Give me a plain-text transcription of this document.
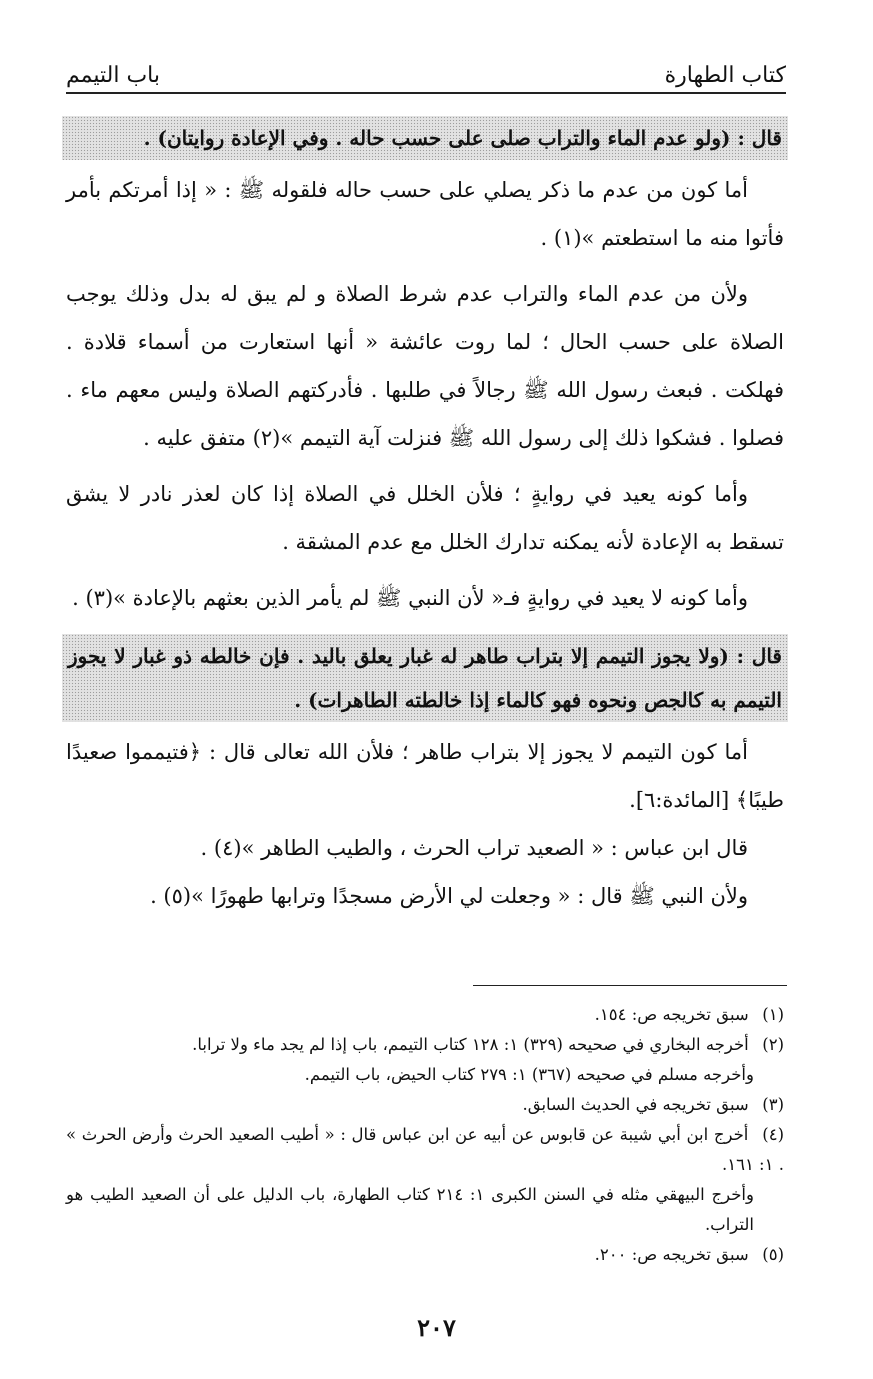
كتاب الطهارة
باب التيمم
قال : (ولو عدم الماء والتراب صلى على حسب حاله . وفي الإعادة روايتان) .

أما كون من عدم ما ذكر يصلي على حسب حاله فلقوله ﷺ : « إذا أمرتكم بأمر فأتوا منه ما استطعتم »(١) .

ولأن من عدم الماء والتراب عدم شرط الصلاة و لم يبق له بدل وذلك يوجب الصلاة على حسب الحال ؛ لما روت عائشة « أنها استعارت من أسماء قلادة . فهلكت . فبعث رسول الله ﷺ رجالاً في طلبها . فأدركتهم الصلاة وليس معهم ماء . فصلوا . فشكوا ذلك إلى رسول الله ﷺ فنزلت آية التيمم »(٢) متفق عليه .

وأما كونه يعيد في روايةٍ ؛ فلأن الخلل في الصلاة إذا كان لعذر نادر لا يشق تسقط به الإعادة لأنه يمكنه تدارك الخلل مع عدم المشقة .

وأما كونه لا يعيد في روايةٍ فـ« لأن النبي ﷺ لم يأمر الذين بعثهم بالإعادة »(٣) .

قال : (ولا يجوز التيمم إلا بتراب طاهر له غبار يعلق باليد . فإن خالطه ذو غبار لا يجوز التيمم به كالجص ونحوه فهو كالماء إذا خالطته الطاهرات) .

أما كون التيمم لا يجوز إلا بتراب طاهر ؛ فلأن الله تعالى قال : ﴿فتيمموا صعيدًا طيبًا﴾ [المائدة:٦].

قال ابن عباس : « الصعيد تراب الحرث ، والطيب الطاهر »(٤) .

ولأن النبي ﷺ قال : « وجعلت لي الأرض مسجدًا وترابها طهورًا »(٥) .

(١) سبق تخريجه ص: ١٥٤.

(٢) أخرجه البخاري في صحيحه (٣٢٩) ١: ١٢٨ كتاب التيمم، باب إذا لم يجد ماء ولا ترابا.

وأخرجه مسلم في صحيحه (٣٦٧) ١: ٢٧٩ كتاب الحيض، باب التيمم.

(٣) سبق تخريجه في الحديث السابق.

(٤) أخرج ابن أبي شيبة عن قابوس عن أبيه عن ابن عباس قال : « أطيب الصعيد الحرث وأرض الحرث » . ١: ١٦١.

وأخرج البيهقي مثله في السنن الكبرى ١: ٢١٤ كتاب الطهارة، باب الدليل على أن الصعيد الطيب هو التراب.

(٥) سبق تخريجه ص: ٢٠٠.

٢٠٧
